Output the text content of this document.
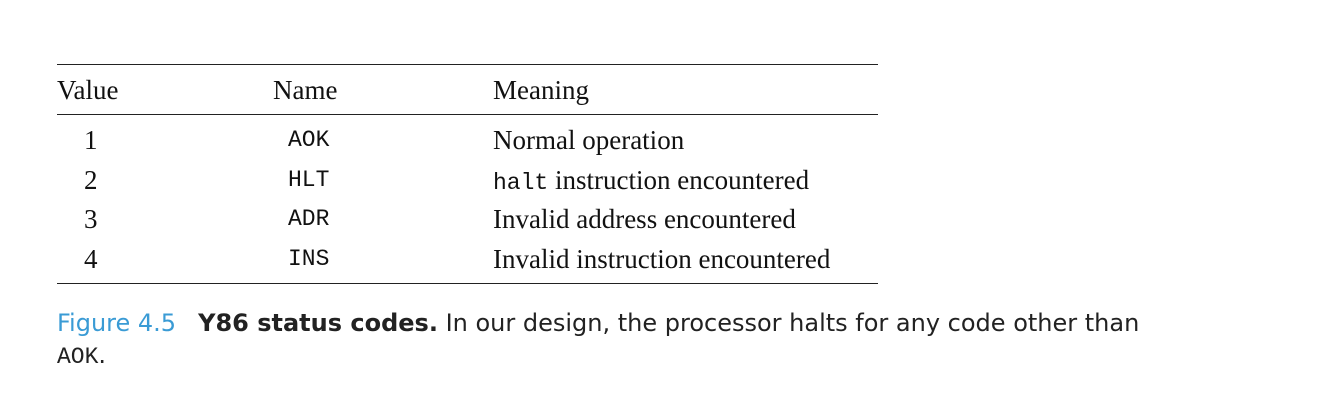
Value	Name	Meaning
1	AOK	Normal operation
2	HLT	halt instruction encountered
3	ADR	Invalid address encountered
4	INS	Invalid instruction encountered
Figure 4.5 Y86 status codes. In our design, the processor halts for any code other than
AOK.
